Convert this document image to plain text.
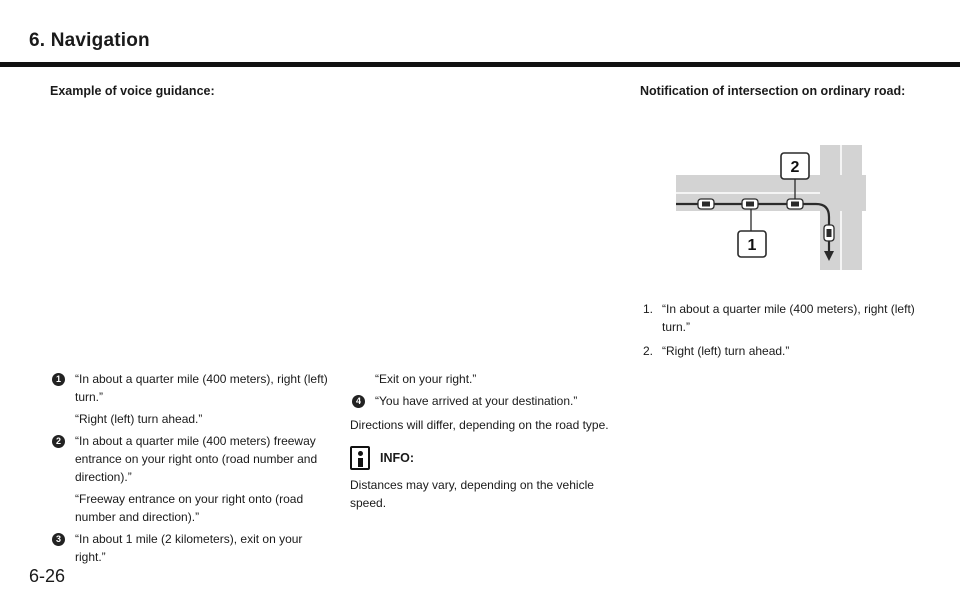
6. Navigation
Example of voice guidance:
1	“In about a quarter mile (400 meters), right (left) turn.”
“Right (left) turn ahead.”
2	“In about a quarter mile (400 meters) freeway entrance on your right onto (road number and direction).”
“Freeway entrance on your right onto (road number and direction).”
3	“In about 1 mile (2 kilometers), exit on your right.”
“Exit on your right.”
4	“You have arrived at your destination.”
Directions will differ, depending on the road type.
INFO:
Distances may vary, depending on the vehicle speed.
Notification of intersection on ordinary road:
1
2
1. “In about a quarter mile (400 meters), right (left) turn.”
2. “Right (left) turn ahead.”
6-26
